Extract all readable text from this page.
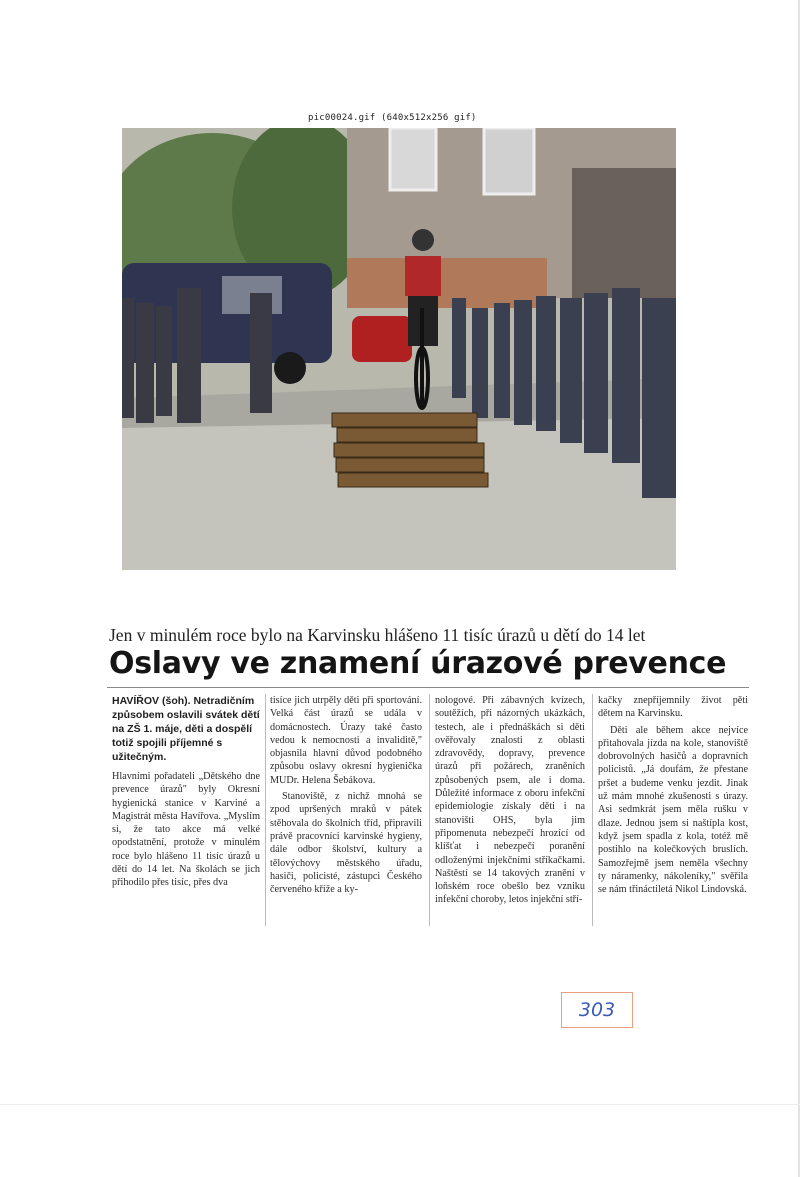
pic00024.gif (640x512x256 gif)
Jen v minulém roce bylo na Karvinsku hlášeno 11 tisíc úrazů u dětí do 14 let
Oslavy ve znamení úrazové prevence
HAVÍŘOV (šoh). Netradičním způsobem oslavili svátek dětí na ZŠ 1. máje, děti a dospělí totiž spojili příjemné s užitečným.

Hlavními pořadateli „Dětského dne prevence úrazů" byly Okresní hygienická stanice v Karviné a Magistrát města Havířova. „Myslím si, že tato akce má velké opodstatnění, protože v minulém roce bylo hlášeno 11 tisíc úrazů u dětí do 14 let. Na školách se jich přihodilo přes tisíc, přes dva

tisíce jich utrpěly děti při sportování. Velká část úrazů se udála v domácnostech. Úrazy také často vedou k nemocnosti a invaliditě," objasnila hlavní důvod podobného způsobu oslavy okresní hygienička MUDr. Helena Šebákova.

Stanoviště, z nichž mnohá se zpod upršených mraků v pátek stěhovala do školních tříd, připravili právě pracovníci karvinské hygieny, dále odbor školství, kultury a tělovýchovy městského úřadu, hasiči, policisté, zástupci Českého červeného kříže a ky-

nologové. Při zábavných kvízech, soutěžích, při názorných ukázkách, testech, ale i přednáškách si děti ověřovaly znalosti z oblasti zdravovědy, dopravy, prevence úrazů při požárech, zraněních způsobených psem, ale i doma. Důležité informace z oboru infekční epidemiologie získaly děti i na stanovišti OHS, byla jim připomenuta nebezpečí hrozící od klíšťat i nebezpečí poranění odloženými injekčními stříkačkami. Naštěstí se 14 takových zranění v loňském roce obešlo bez vzniku infekční choroby, letos injekční stří-

kačky znepříjemnily život pěti dětem na Karvinsku.

Děti ale během akce nejvíce přitahovala jízda na kole, stanoviště dobrovolných hasičů a dopravních policistů. „Já doufám, že přestane pršet a budeme venku jezdit. Jinak už mám mnohé zkušenosti s úrazy. Asi sedmkrát jsem měla rušku v dlaze. Jednou jsem si naštípla kost, když jsem spadla z kola, totéž mě postihlo na kolečkových bruslích. Samozřejmě jsem neměla všechny ty náramenky, nákoleníky," svěřila se nám třináctiletá Nikol Lindovská.

303
